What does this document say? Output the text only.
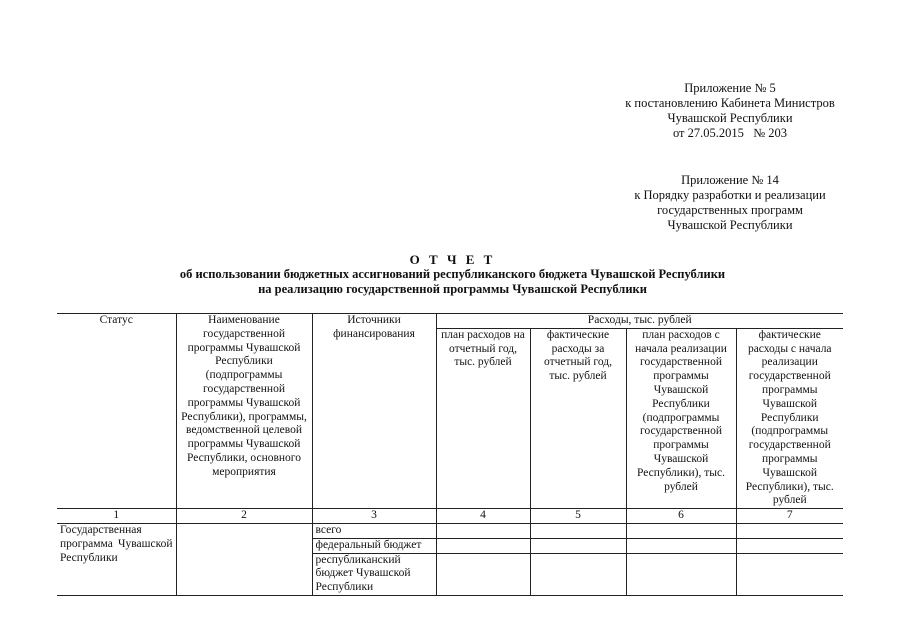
Приложение № 5
к постановлению Кабинета Министров
Чувашской Республики
от 27.05.2015   № 203
Приложение № 14
к Порядку разработки и реализации
государственных программ
Чувашской Республики
О Т Ч Е Т
об использовании бюджетных ассигнований республиканского бюджета Чувашской Республики
на реализацию государственной программы Чувашской Республики
Статус	Наименование государственной программы Чувашской Республики (подпрограммы государственной программы Чувашской Республики), программы, ведомственной целевой программы Чувашской Республики, основного мероприятия	Источники финансирования	Расходы, тыс. рублей			
			план расходов на отчетный год, тыс. рублей	фактические расходы за отчетный год, тыс. рублей	план расходов с начала реализации государственной программы Чувашской Республики (подпрограммы государственной программы Чувашской Республики), тыс. рублей	фактические расходы с начала реализации государственной программы Чувашской Республики (подпрограммы государственной программы Чувашской Республики), тыс. рублей
1	2	3	4	5	6	7
Государственная программа Чувашской Республики		всего				
		федеральный бюджет				
		республиканский бюджет Чувашской Республики				
